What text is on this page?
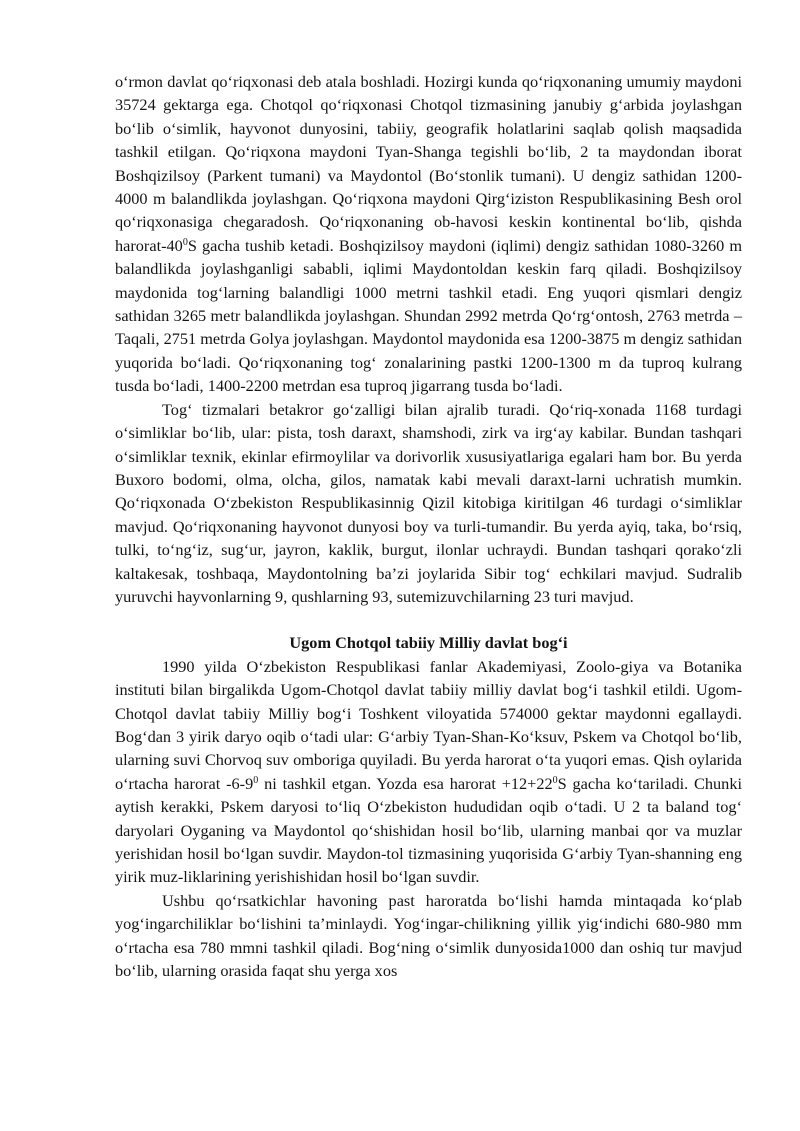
o‘rmon davlat qo‘riqxonasi deb atala boshladi. Hozirgi kunda qo‘riqxonaning umumiy maydoni 35724 gektarga ega. Chotqol qo‘riqxonasi Chotqol tizmasining janubiy g‘arbida joylashgan bo‘lib o‘simlik, hayvonot dunyosini, tabiiy, geografik holatlarini saqlab qolish maqsadida tashkil etilgan. Qo‘riqxona maydoni Tyan-Shanga tegishli bo‘lib, 2 ta maydondan iborat Boshqizilsoy (Parkent tumani) va Maydontol (Bo‘stonlik tumani). U dengiz sathidan 1200-4000 m balandlikda joylashgan. Qo‘riqxona maydoni Qirg‘iziston Respublikasining Besh orol qo‘riqxonasiga chegaradosh. Qo‘riqxonaning ob-havosi keskin kontinental bo‘lib, qishda harorat-$40^0S$ gacha tushib ketadi. Boshqizilsoy maydoni (iqlimi) dengiz sathidan 1080-3260 m balandlikda joylashganligi sababli, iqlimi Maydontoldan keskin farq qiladi. Boshqizilsoy maydonida tog‘larning balandligi 1000 metrni tashkil etadi. Eng yuqori qismlari dengiz sathidan 3265 metr balandlikda joylashgan. Shundan 2992 metrda Qo‘rg‘ontosh, 2763 metrda –Taqali, 2751 metrda Golya joylashgan. Maydontol maydonida esa 1200-3875 m dengiz sathidan yuqorida bo‘ladi. Qo‘riqxonaning tog‘ zonalarining pastki 1200-1300 m da tuproq kulrang tusda bo‘ladi, 1400-2200 metrdan esa tuproq jigarrang tusda bo‘ladi.

Tog‘ tizmalari betakror go‘zalligi bilan ajralib turadi. Qo‘riq-xonada 1168 turdagi o‘simliklar bo‘lib, ular: pista, tosh daraxt, shamshodi, zirk va irg‘ay kabilar. Bundan tashqari o‘simliklar texnik, ekinlar efirmoylilar va dorivorlik xususiyatlariga egalari ham bor. Bu yerda Buxoro bodomi, olma, olcha, gilos, namatak kabi mevali daraxt-larni uchratish mumkin. Qo‘riqxonada O‘zbekiston Respublikasinnig Qizil kitobiga kiritilgan 46 turdagi o‘simliklar mavjud. Qo‘riqxonaning hayvonot dunyosi boy va turli-tumandir. Bu yerda ayiq, taka, bo‘rsiq, tulki, to‘ng‘iz, sug‘ur, jayron, kaklik, burgut, ilonlar uchraydi. Bundan tashqari qorako‘zli kaltakesak, toshbaqa, Maydontolning ba’zi joylarida Sibir tog‘ echkilari mavjud. Sudralib yuruvchi hayvonlarning 9, qushlarning 93, sutemizuvchilarning 23 turi mavjud.

Ugom Chotqol tabiiy Milliy davlat bog‘i

1990 yilda O‘zbekiston Respublikasi fanlar Akademiyasi, Zoolo-giya va Botanika instituti bilan birgalikda Ugom-Chotqol davlat tabiiy milliy davlat bog‘i tashkil etildi. Ugom-Chotqol davlat tabiiy Milliy bog‘i Toshkent viloyatida 574000 gektar maydonni egallaydi. Bog‘dan 3 yirik daryo oqib o‘tadi ular: G‘arbiy Tyan-Shan-Ko‘ksuv, Pskem va Chotqol bo‘lib, ularning suvi Chorvoq suv omboriga quyiladi. Bu yerda harorat o‘ta yuqori emas. Qish oylarida o‘rtacha harorat $-6-9^0$ ni tashkil etgan. Yozda esa harorat $+12+22^0S$ gacha ko‘tariladi. Chunki aytish kerakki, Pskem daryosi to‘liq O‘zbekiston hududidan oqib o‘tadi. U 2 ta baland tog‘ daryolari Oyganing va Maydontol qo‘shishidan hosil bo‘lib, ularning manbai qor va muzlar yerishidan hosil bo‘lgan suvdir. Maydon-tol tizmasining yuqorisida G‘arbiy Tyan-shanning eng yirik muz-liklarining yerishishidan hosil bo‘lgan suvdir.

Ushbu qo‘rsatkichlar havoning past haroratda bo‘lishi hamda mintaqada ko‘plab yog‘ingarchiliklar bo‘lishini ta’minlaydi. Yog‘ingar-chilikning yillik yig‘indichi 680-980 mm o‘rtacha esa 780 mmni tashkil qiladi. Bog‘ning o‘simlik dunyosida1000 dan oshiq tur mavjud bo‘lib, ularning orasida faqat shu yerga xos
